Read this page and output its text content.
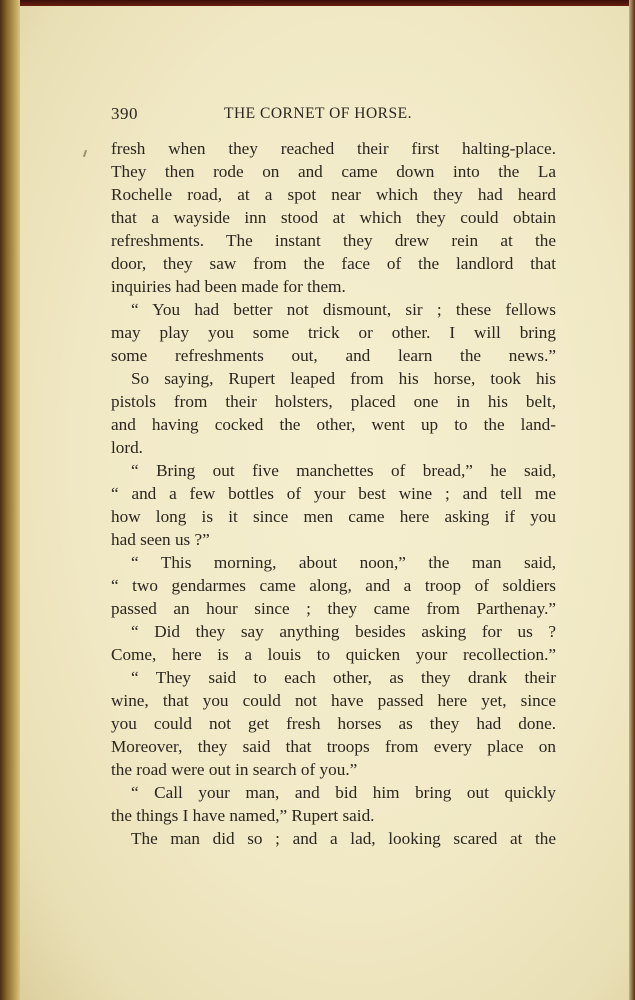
390	THE CORNET OF HORSE.
fresh when they reached their first halting-place.
They then rode on and came down into the La
Rochelle road, at a spot near which they had heard
that a wayside inn stood at which they could obtain
refreshments. The instant they drew rein at the
door, they saw from the face of the landlord that
inquiries had been made for them.
“ You had better not dismount, sir ; these fellows
may play you some trick or other. I will bring
some refreshments out, and learn the news.”
So saying, Rupert leaped from his horse, took his
pistols from their holsters, placed one in his belt,
and having cocked the other, went up to the land-
lord.
“ Bring out five manchettes of bread,” he said,
“ and a few bottles of your best wine ; and tell me
how long is it since men came here asking if you
had seen us ?”
“ This morning, about noon,” the man said,
“ two gendarmes came along, and a troop of soldiers
passed an hour since ; they came from Parthenay.”
“ Did they say anything besides asking for us ?
Come, here is a louis to quicken your recollection.”
“ They said to each other, as they drank their
wine, that you could not have passed here yet, since
you could not get fresh horses as they had done.
Moreover, they said that troops from every place on
the road were out in search of you.”
“ Call your man, and bid him bring out quickly
the things I have named,” Rupert said.
The man did so ; and a lad, looking scared at the
